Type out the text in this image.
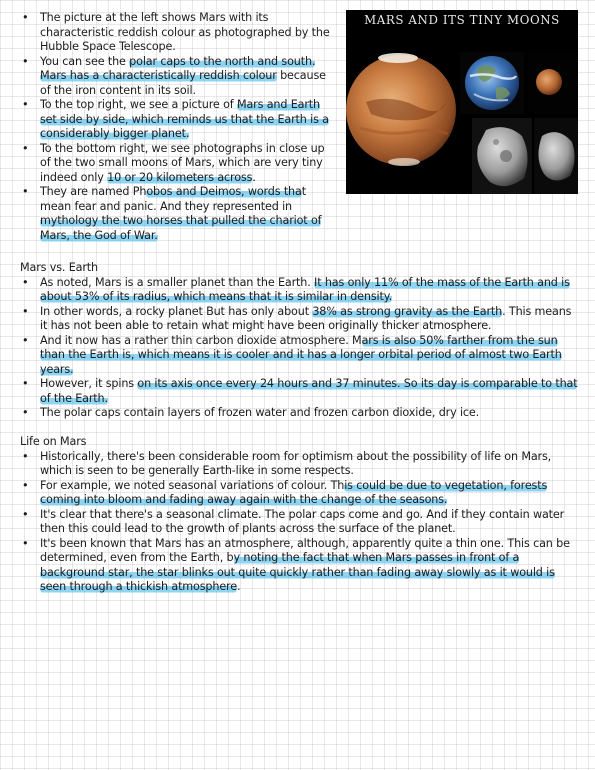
• The picture at the left shows Mars with its characteristic reddish colour as photographed by the Hubble Space Telescope.
• You can see the polar caps to the north and south. Mars has a characteristically reddish colour because of the iron content in its soil.
• To the top right, we see a picture of Mars and Earth set side by side, which reminds us that the Earth is a considerably bigger planet.
• To the bottom right, we see photographs in close up of the two small moons of Mars, which are very tiny indeed only 10 or 20 kilometers across.
• They are named Phobos and Deimos, words that mean fear and panic. And they represented in mythology the two horses that pulled the chariot of Mars, the God of War.
MARS AND ITS TINY MOONS
Mars vs. Earth
• As noted, Mars is a smaller planet than the Earth. It has only 11% of the mass of the Earth and is about 53% of its radius, which means that it is similar in density.
• In other words, a rocky planet But has only about 38% as strong gravity as the Earth. This means it has not been able to retain what might have been originally thicker atmosphere.
• And it now has a rather thin carbon dioxide atmosphere. Mars is also 50% farther from the sun than the Earth is, which means it is cooler and it has a longer orbital period of almost two Earth years.
• However, it spins on its axis once every 24 hours and 37 minutes. So its day is comparable to that of the Earth.
• The polar caps contain layers of frozen water and frozen carbon dioxide, dry ice.
Life on Mars
• Historically, there's been considerable room for optimism about the possibility of life on Mars, which is seen to be generally Earth-like in some respects.
• For example, we noted seasonal variations of colour. This could be due to vegetation, forests coming into bloom and fading away again with the change of the seasons.
• It's clear that there's a seasonal climate. The polar caps come and go. And if they contain water then this could lead to the growth of plants across the surface of the planet.
• It's been known that Mars has an atmosphere, although, apparently quite a thin one. This can be determined, even from the Earth, by noting the fact that when Mars passes in front of a background star, the star blinks out quite quickly rather than fading away slowly as it would is seen through a thickish atmosphere.
